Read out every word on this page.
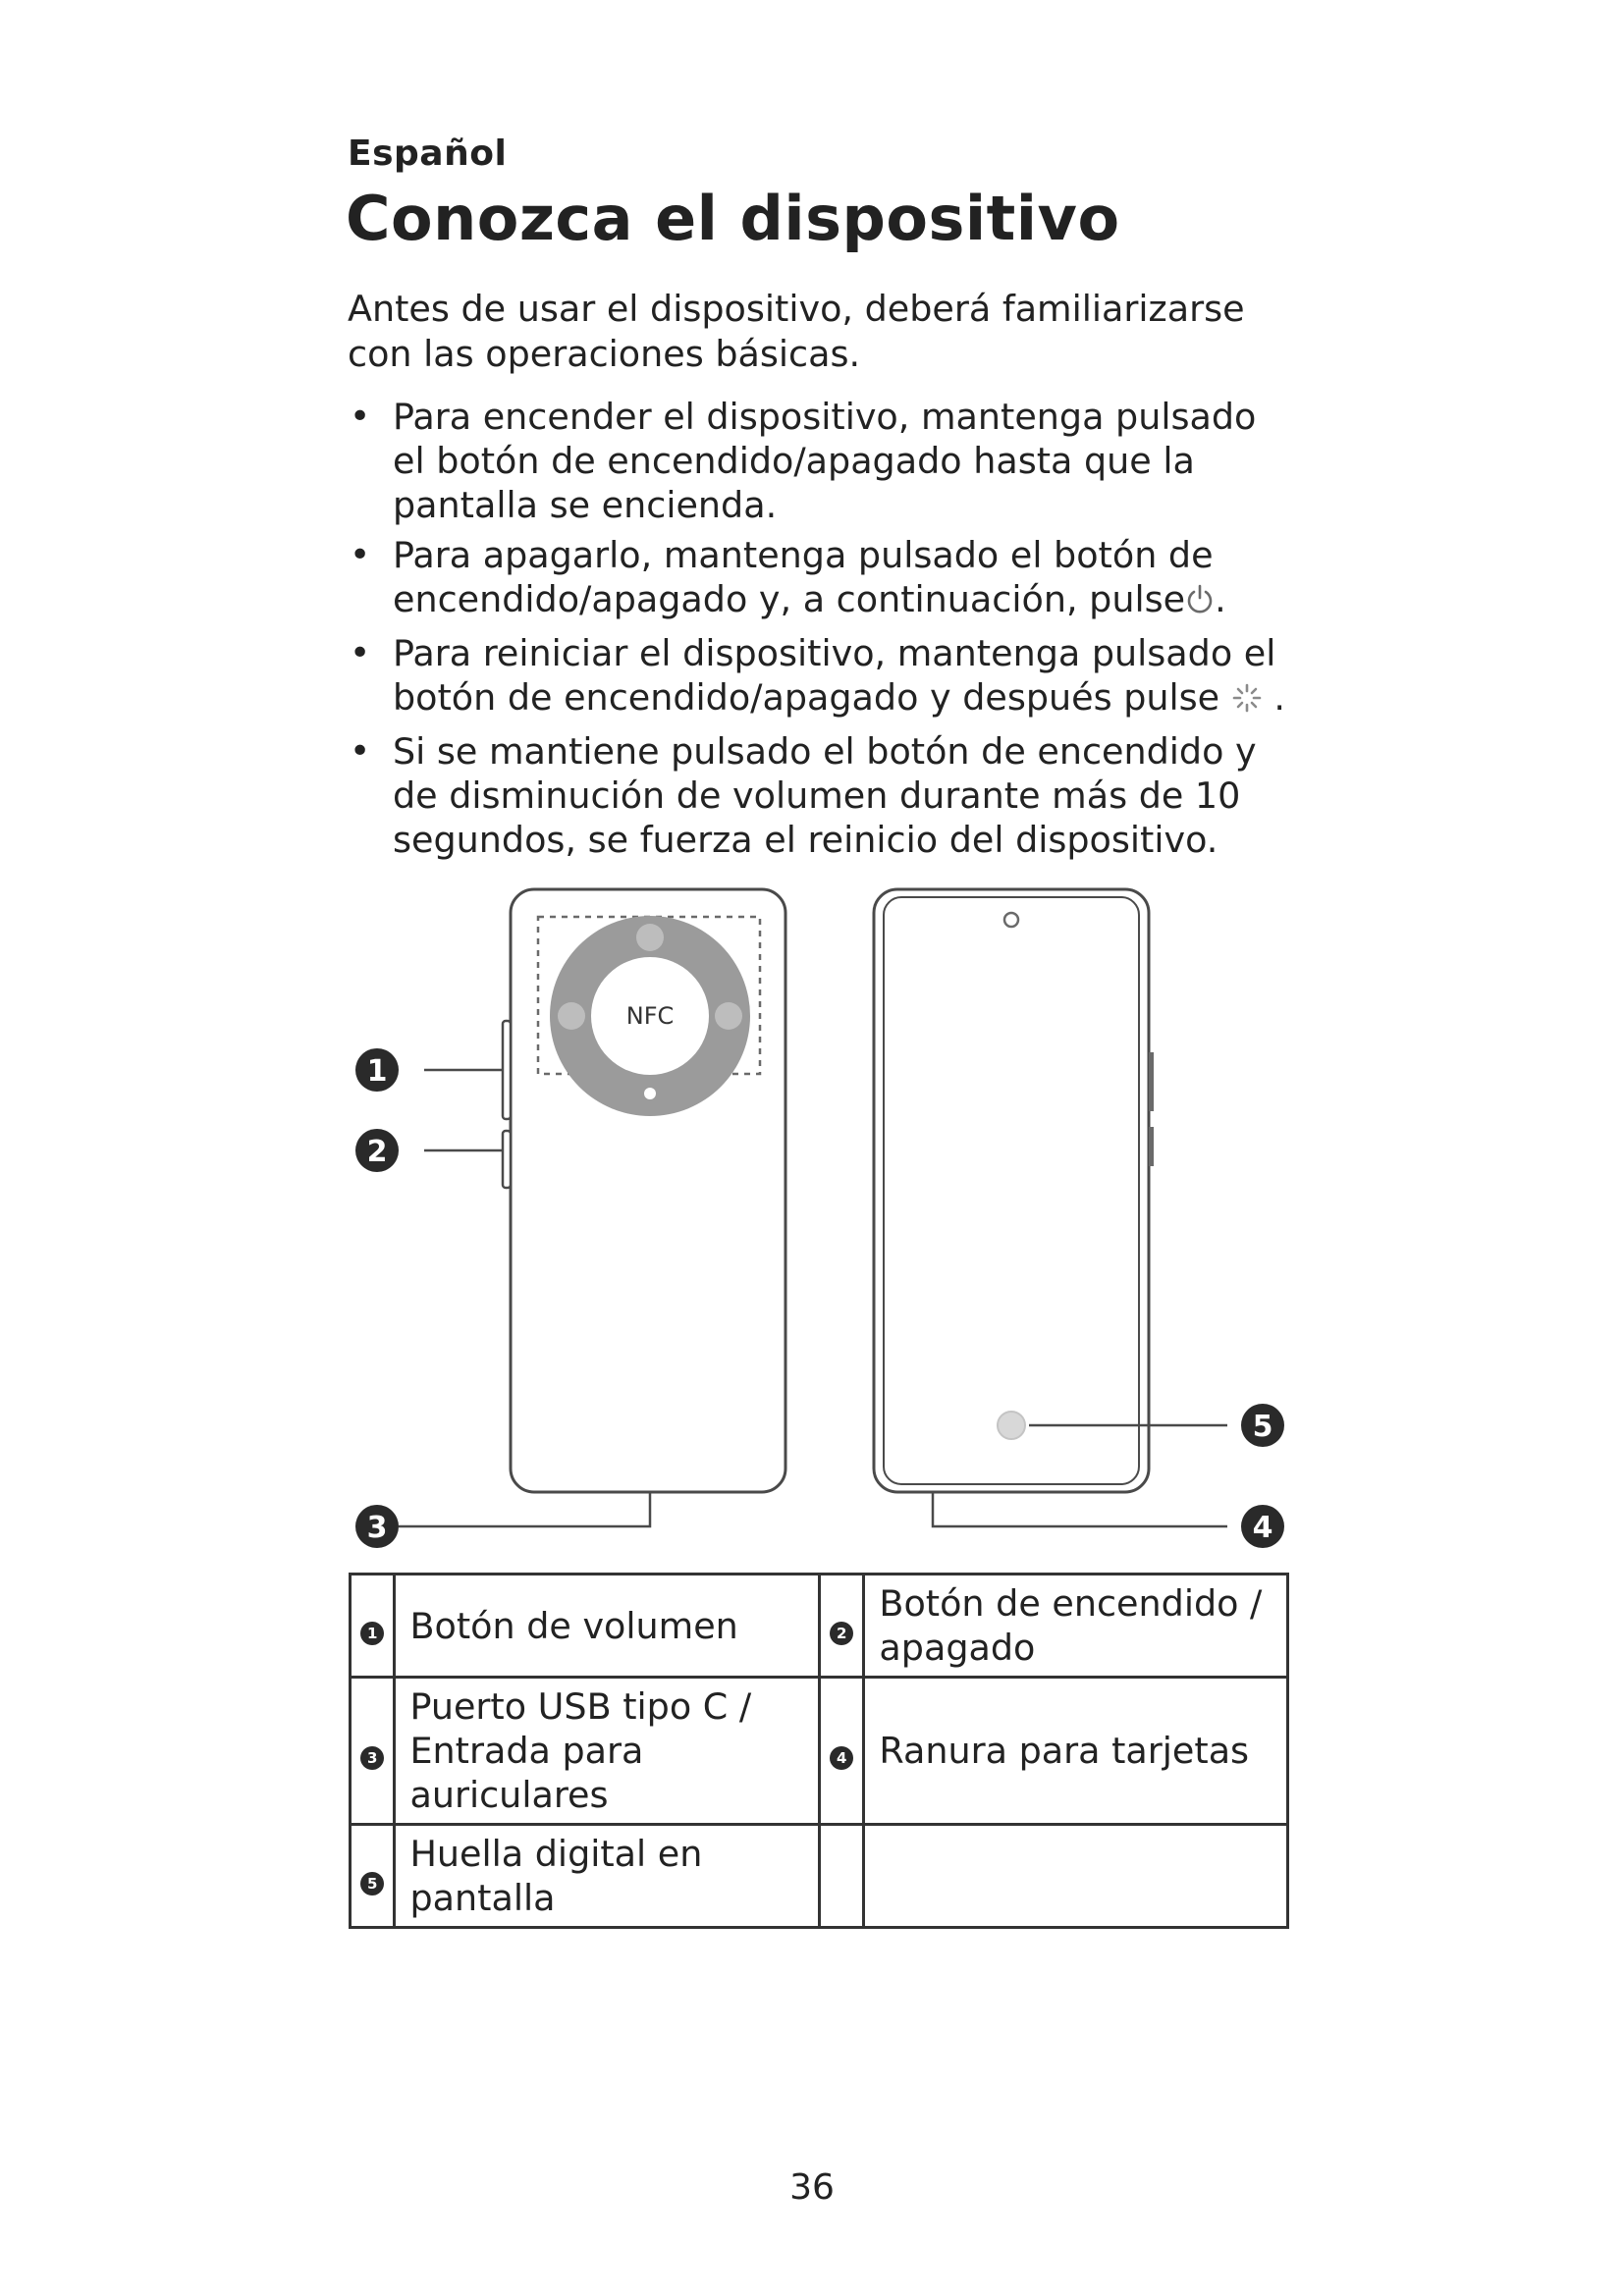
Español
Conozca el dispositivo
Antes de usar el dispositivo, deberá familiarizarse con las operaciones básicas.
• Para encender el dispositivo, mantenga pulsado el botón de encendido/apagado hasta que la pantalla se encienda.
• Para apagarlo, mantenga pulsado el botón de encendido/apagado y, a continuación, pulse .
• Para reiniciar el dispositivo, mantenga pulsado el botón de encendido/apagado y después pulse .
• Si se mantiene pulsado el botón de encendido y de disminución de volumen durante más de 10 segundos, se fuerza el reinicio del dispositivo.
NFC
1
2
3	4
5
1	Botón de volumen	2	Botón de encendido / apagado
3	Puerto USB tipo C / Entrada para auriculares	4	Ranura para tarjetas
5	Huella digital en pantalla		
36
